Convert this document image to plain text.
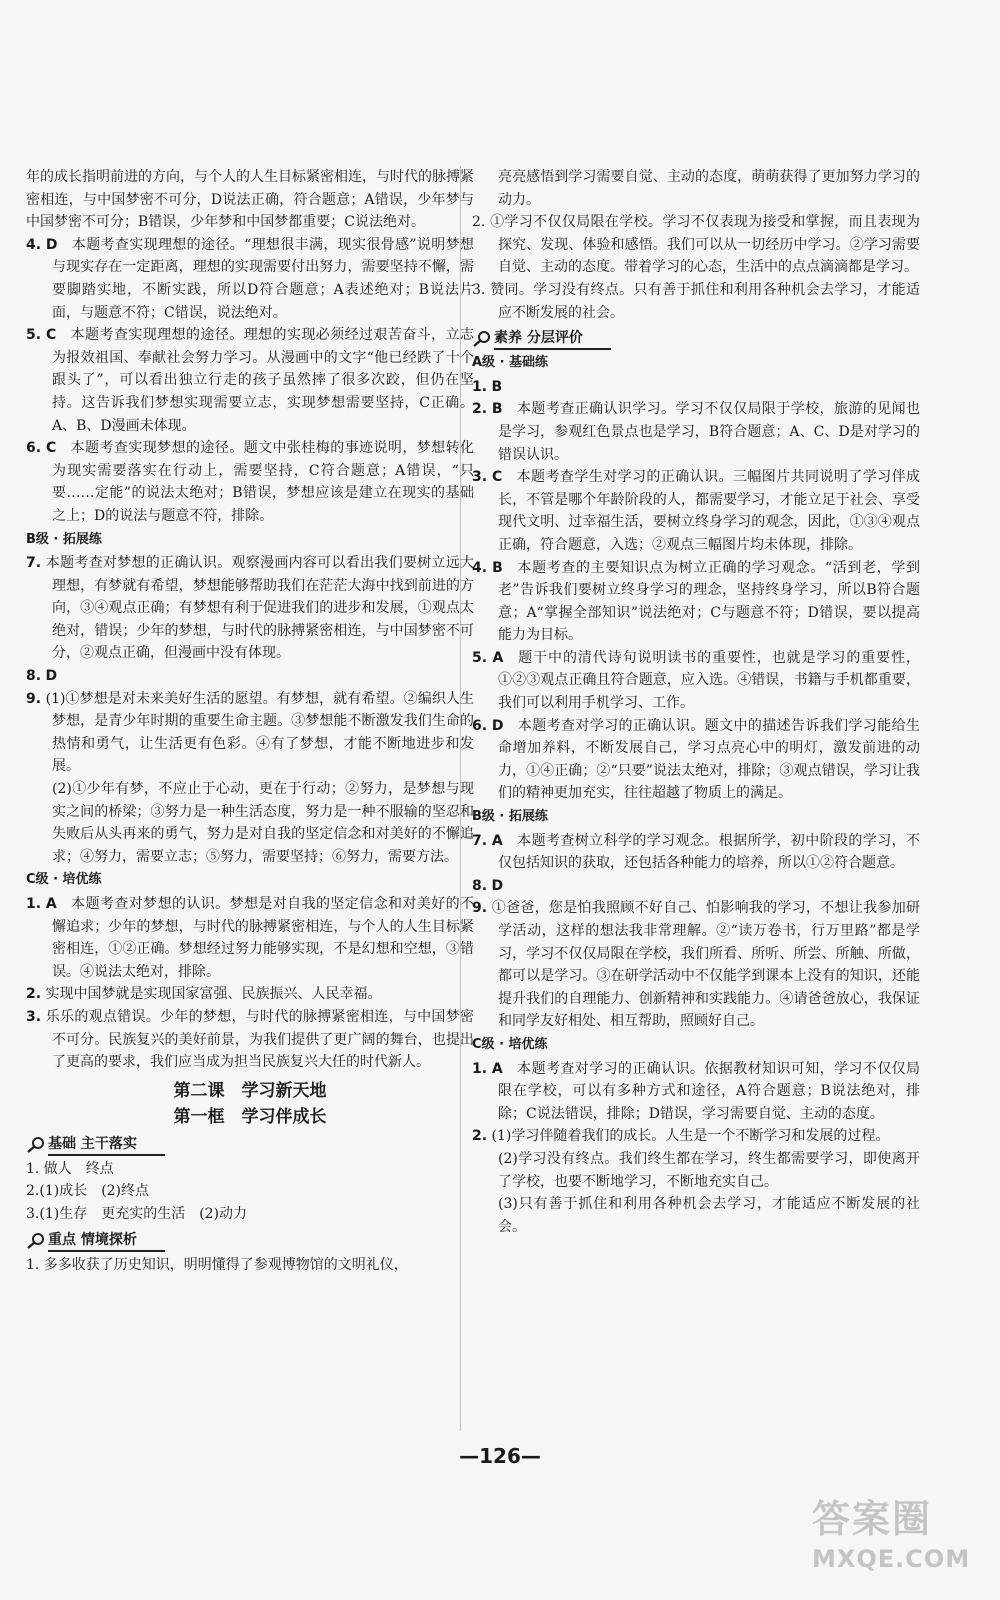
年的成长指明前进的方向，与个人的人生目标紧密相连，与时代的脉搏紧密相连，与中国梦密不可分，D说法正确，符合题意；A错误，少年梦与中国梦密不可分；B错误，少年梦和中国梦都重要；C说法绝对。

4. D 本题考查实现理想的途径。“理想很丰满，现实很骨感”说明梦想与现实存在一定距离，理想的实现需要付出努力，需要坚持不懈，需要脚踏实地，不断实践，所以D符合题意；A表述绝对；B说法片面，与题意不符；C错误，说法绝对。

5. C 本题考查实现理想的途径。理想的实现必须经过艰苦奋斗，立志为报效祖国、奉献社会努力学习。从漫画中的文字“他已经跌了十个跟头了”，可以看出独立行走的孩子虽然摔了很多次跤，但仍在坚持。这告诉我们梦想实现需要立志，实现梦想需要坚持，C正确。A、B、D漫画未体现。

6. C 本题考查实现梦想的途径。题文中张桂梅的事迹说明，梦想转化为现实需要落实在行动上，需要坚持，C符合题意；A错误，“只要……定能”的说法太绝对；B错误，梦想应该是建立在现实的基础之上；D的说法与题意不符，排除。

B级 · 拓展练

7. 本题考查对梦想的正确认识。观察漫画内容可以看出我们要树立远大理想，有梦就有希望，梦想能够帮助我们在茫茫大海中找到前进的方向，③④观点正确；有梦想有利于促进我们的进步和发展，①观点太绝对，错误；少年的梦想，与时代的脉搏紧密相连，与中国梦密不可分，②观点正确，但漫画中没有体现。

8. D

9. (1)①梦想是对未来美好生活的愿望。有梦想，就有希望。②编织人生梦想，是青少年时期的重要生命主题。③梦想能不断激发我们生命的热情和勇气，让生活更有色彩。④有了梦想，才能不断地进步和发展。

(2)①少年有梦，不应止于心动，更在于行动；②努力，是梦想与现实之间的桥梁；③努力是一种生活态度，努力是一种不服输的坚忍和失败后从头再来的勇气，努力是对自我的坚定信念和对美好的不懈追求；④努力，需要立志；⑤努力，需要坚持；⑥努力，需要方法。

C级 · 培优练

1. A 本题考查对梦想的认识。梦想是对自我的坚定信念和对美好的不懈追求；少年的梦想，与时代的脉搏紧密相连，与个人的人生目标紧密相连，①②正确。梦想经过努力能够实现，不是幻想和空想，③错误。④说法太绝对，排除。

2. 实现中国梦就是实现国家富强、民族振兴、人民幸福。

3. 乐乐的观点错误。少年的梦想，与时代的脉搏紧密相连，与中国梦密不可分。民族复兴的美好前景，为我们提供了更广阔的舞台，也提出了更高的要求，我们应当成为担当民族复兴大任的时代新人。

第二课　学习新天地

第一框　学习伴成长

基础 主干落实

1. 做人　终点

2.(1)成长　(2)终点

3.(1)生存　更充实的生活　(2)动力

重点 情境探析

1. 多多收获了历史知识，明明懂得了参观博物馆的文明礼仪，

亮亮感悟到学习需要自觉、主动的态度，萌萌获得了更加努力学习的动力。

2. ①学习不仅仅局限在学校。学习不仅表现为接受和掌握，而且表现为探究、发现、体验和感悟。我们可以从一切经历中学习。②学习需要自觉、主动的态度。带着学习的心态，生活中的点点滴滴都是学习。

3. 赞同。学习没有终点。只有善于抓住和利用各种机会去学习，才能适应不断发展的社会。

素养 分层评价

A级 · 基础练

1. B

2. B 本题考查正确认识学习。学习不仅仅局限于学校，旅游的见闻也是学习，参观红色景点也是学习，B符合题意；A、C、D是对学习的错误认识。

3. C 本题考查学生对学习的正确认识。三幅图片共同说明了学习伴成长，不管是哪个年龄阶段的人，都需要学习，才能立足于社会、享受现代文明、过幸福生活，要树立终身学习的观念，因此，①③④观点正确，符合题意，入选；②观点三幅图片均未体现，排除。

4. B 本题考查的主要知识点为树立正确的学习观念。“活到老，学到老”告诉我们要树立终身学习的理念，坚持终身学习，所以B符合题意；A“掌握全部知识”说法绝对；C与题意不符；D错误，要以提高能力为目标。

5. A 题干中的清代诗句说明读书的重要性，也就是学习的重要性，①②③观点正确且符合题意，应入选。④错误，书籍与手机都重要，我们可以利用手机学习、工作。

6. D 本题考查对学习的正确认识。题文中的描述告诉我们学习能给生命增加养料，不断发展自己，学习点亮心中的明灯，激发前进的动力，①④正确；②“只要”说法太绝对，排除；③观点错误，学习让我们的精神更加充实，往往超越了物质上的满足。

B级 · 拓展练

7. A 本题考查树立科学的学习观念。根据所学，初中阶段的学习，不仅包括知识的获取，还包括各种能力的培养，所以①②符合题意。

8. D

9. ①爸爸，您是怕我照顾不好自己、怕影响我的学习，不想让我参加研学活动，这样的想法我非常理解。②“读万卷书，行万里路”都是学习，学习不仅仅局限在学校，我们所看、所听、所尝、所触、所做，都可以是学习。③在研学活动中不仅能学到课本上没有的知识，还能提升我们的自理能力、创新精神和实践能力。④请爸爸放心，我保证和同学友好相处、相互帮助，照顾好自己。

C级 · 培优练

1. A 本题考查对学习的正确认识。依据教材知识可知，学习不仅仅局限在学校，可以有多种方式和途径，A符合题意；B说法绝对，排除；C说法错误，排除；D错误，学习需要自觉、主动的态度。

2. (1)学习伴随着我们的成长。人生是一个不断学习和发展的过程。

(2)学习没有终点。我们终生都在学习，终生都需要学习，即使离开了学校，也要不断地学习，不断地充实自己。

(3)只有善于抓住和利用各种机会去学习，才能适应不断发展的社会。

—126—
答案圈
MXQE.COM
